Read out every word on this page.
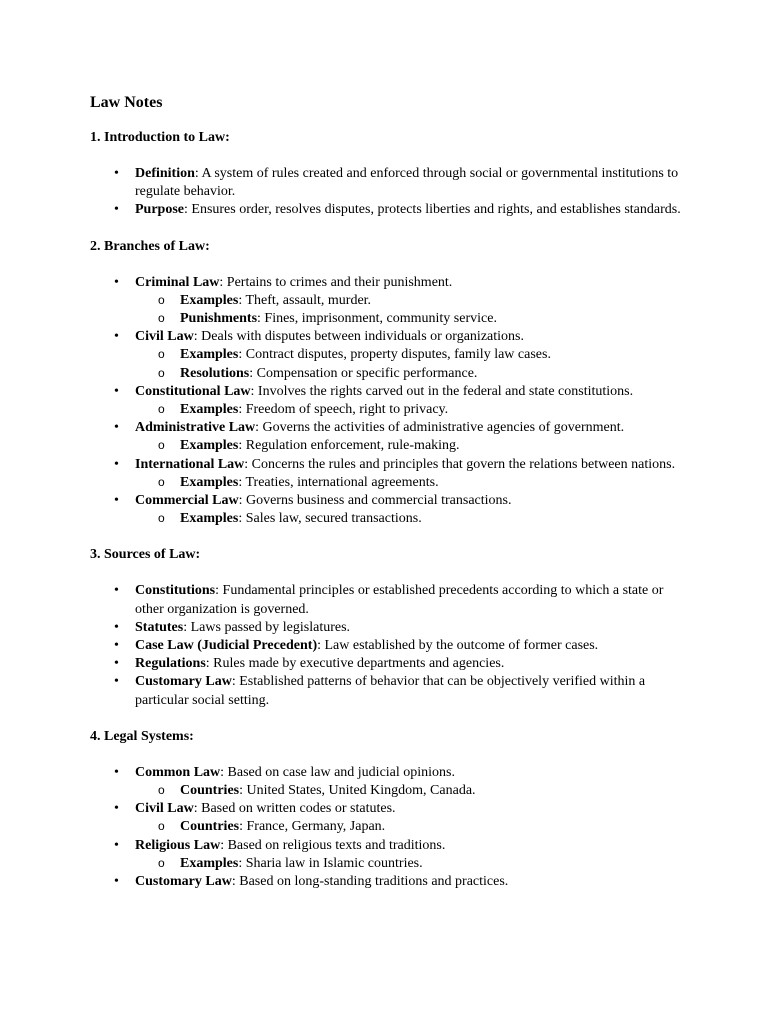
Law Notes
1. Introduction to Law:
• Definition: A system of rules created and enforced through social or governmental institutions to regulate behavior.
• Purpose: Ensures order, resolves disputes, protects liberties and rights, and establishes standards.
2. Branches of Law:
• Criminal Law: Pertains to crimes and their punishment.
o Examples: Theft, assault, murder.
o Punishments: Fines, imprisonment, community service.
• Civil Law: Deals with disputes between individuals or organizations.
o Examples: Contract disputes, property disputes, family law cases.
o Resolutions: Compensation or specific performance.
• Constitutional Law: Involves the rights carved out in the federal and state constitutions.
o Examples: Freedom of speech, right to privacy.
• Administrative Law: Governs the activities of administrative agencies of government.
o Examples: Regulation enforcement, rule-making.
• International Law: Concerns the rules and principles that govern the relations between nations.
o Examples: Treaties, international agreements.
• Commercial Law: Governs business and commercial transactions.
o Examples: Sales law, secured transactions.
3. Sources of Law:
• Constitutions: Fundamental principles or established precedents according to which a state or other organization is governed.
• Statutes: Laws passed by legislatures.
• Case Law (Judicial Precedent): Law established by the outcome of former cases.
• Regulations: Rules made by executive departments and agencies.
• Customary Law: Established patterns of behavior that can be objectively verified within a particular social setting.
4. Legal Systems:
• Common Law: Based on case law and judicial opinions.
o Countries: United States, United Kingdom, Canada.
• Civil Law: Based on written codes or statutes.
o Countries: France, Germany, Japan.
• Religious Law: Based on religious texts and traditions.
o Examples: Sharia law in Islamic countries.
• Customary Law: Based on long-standing traditions and practices.
